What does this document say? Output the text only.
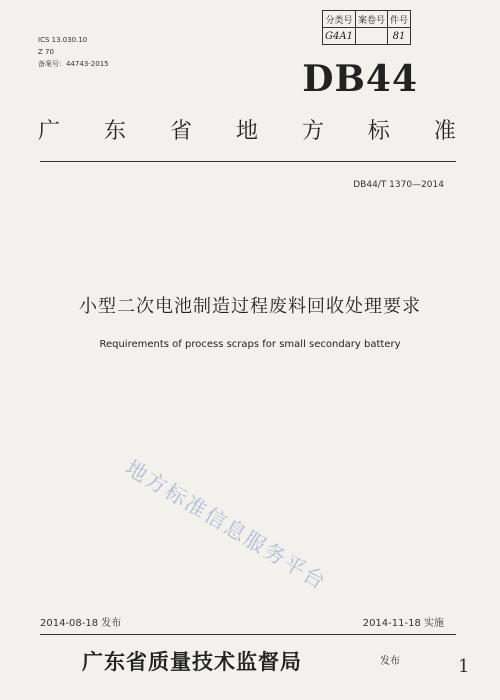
ICS 13.030.10
Z 70
备案号：44743-2015
分类号	案卷号	件号
G4A1		81
DB44
广 东 省 地 方 标 准
DB44/T 1370—2014
小型二次电池制造过程废料回收处理要求
Requirements of process scraps for small secondary battery
地方标准信息服务平台
2014-08-18 发布	2014-11-18 实施
广东省质量技术监督局	发布	1
